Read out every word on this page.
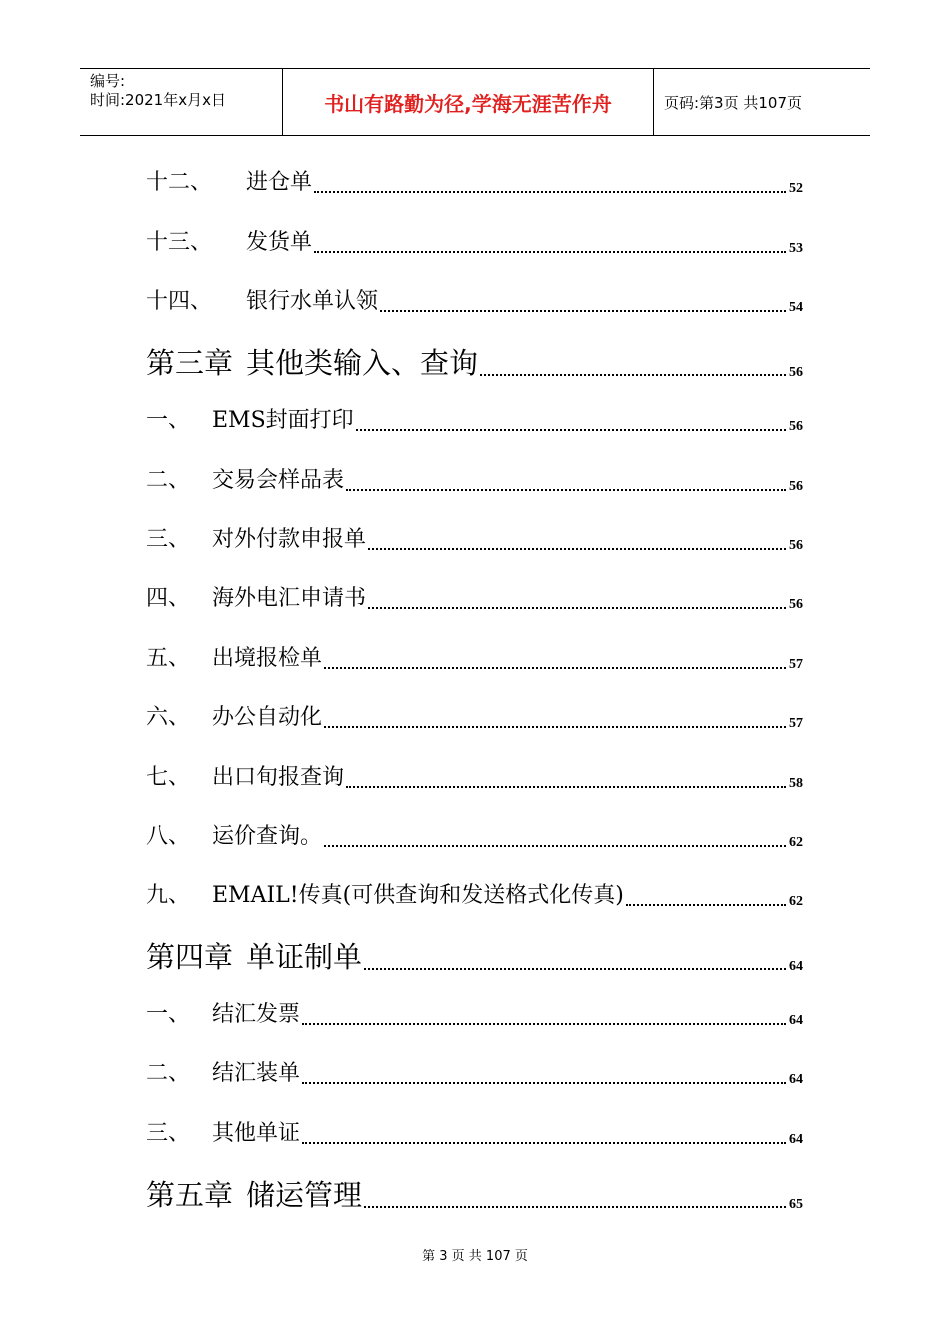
编号:
时间:2021年x月x日	书山有路勤为径,学海无涯苦作舟	页码:第3页 共107页
十二、	进仓单	52
十三、	发货单	53
十四、	银行水单认领	54
第三章 其他类输入、查询	56
一、 EMS封面打印	56
二、 交易会样品表	56
三、 对外付款申报单	56
四、 海外电汇申请书	56
五、 出境报检单	57
六、 办公自动化	57
七、 出口旬报查询	58
八、 运价查询。	62
九、 EMAIL!传真(可供查询和发送格式化传真)	62
第四章 单证制单	64
一、 结汇发票	64
二、 结汇装单	64
三、 其他单证	64
第五章 储运管理	65
第 3 页 共 107 页
